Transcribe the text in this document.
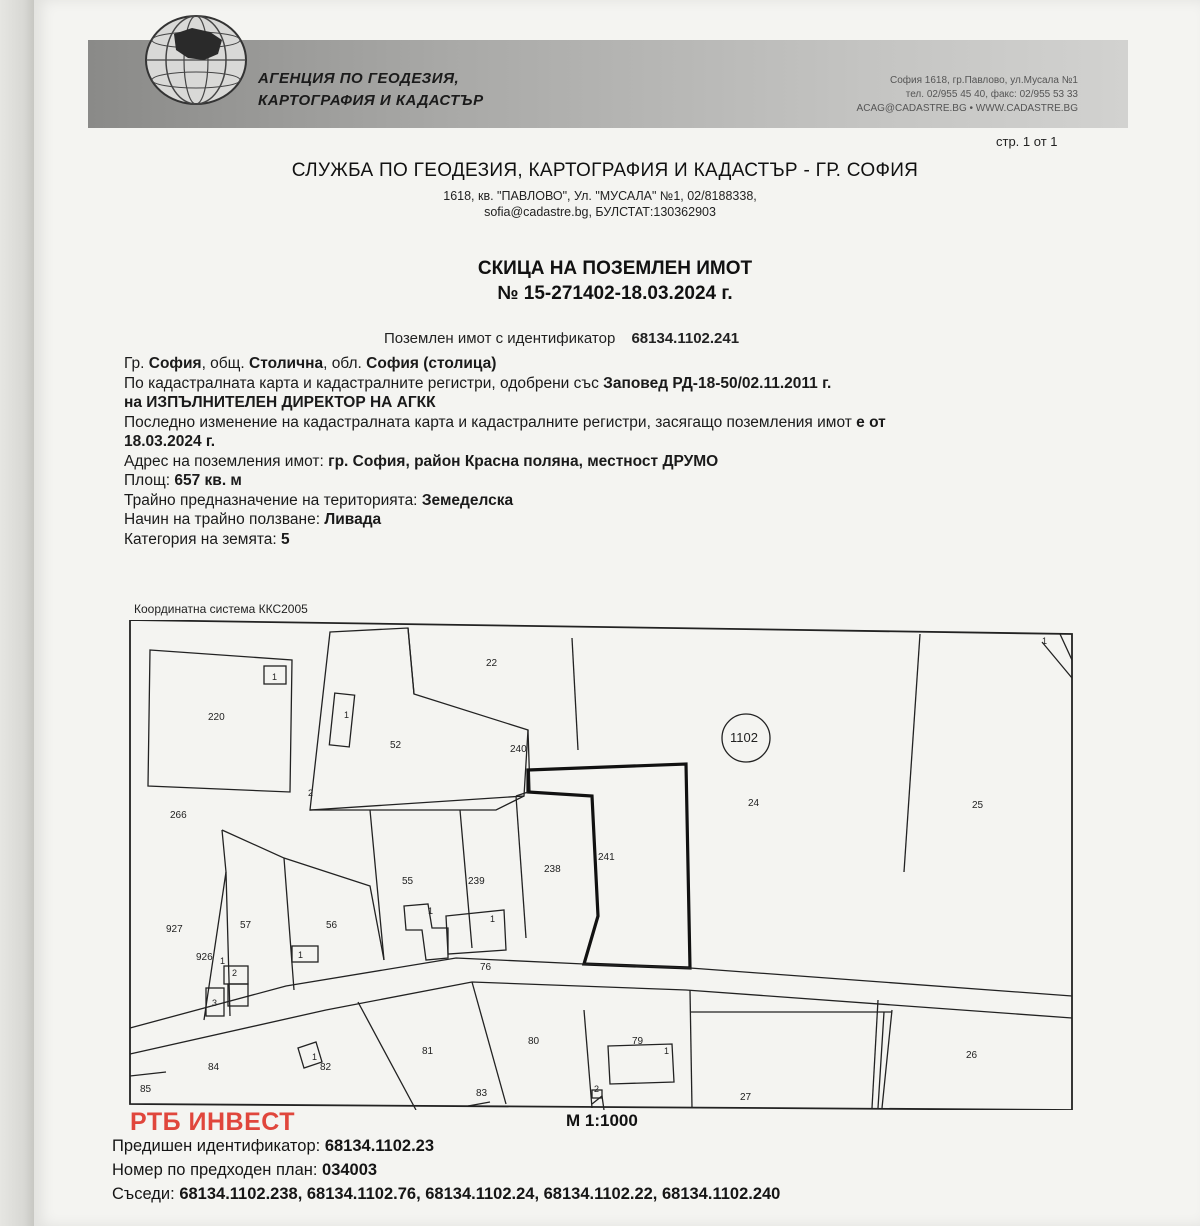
АГЕНЦИЯ ПО ГЕОДЕЗИЯ,
КАРТОГРАФИЯ И КАДАСТЪР
София 1618, гр.Павлово, ул.Мусала №1
тел. 02/955 45 40, факс: 02/955 53 33
ACAG@CADASTRE.BG • WWW.CADASTRE.BG
стр. 1 от 1
СЛУЖБА ПО ГЕОДЕЗИЯ, КАРТОГРАФИЯ И КАДАСТЪР - ГР. СОФИЯ
1618, кв. "ПАВЛОВО", Ул. "МУСАЛА" №1, 02/8188338,
sofia@cadastre.bg, БУЛСТАТ:130362903
СКИЦА НА ПОЗЕМЛЕН ИМОТ
№ 15-271402-18.03.2024 г.
Поземлен имот с идентификатор 68134.1102.241
Гр. София, общ. Столична, обл. София (столица)
По кадастралната карта и кадастралните регистри, одобрени със Заповед РД-18-50/02.11.2011 г.
на ИЗПЪЛНИТЕЛЕН ДИРЕКТОР НА АГКК
Последно изменение на кадастралната карта и кадастралните регистри, засягащо поземления имот е от
18.03.2024 г.
Адрес на поземления имот: гр. София, район Красна поляна, местност ДРУМО
Площ: 657 кв. м
Трайно предназначение на територията: Земеделска
Начин на трайно ползване: Ливада
Категория на земята: 5
Координатна система ККС2005
1102
220
266
52
22
240
24	25
238
241
55	239
56
57
927
926
76
84	82
81
80	79
83	27
26
85
1
1
2
1
1
1
1
2
3
1
1
2
1
М 1:1000
РТБ ИНВЕСТ
Предишен идентификатор: 68134.1102.23
Номер по предходен план: 034003
Съседи: 68134.1102.238, 68134.1102.76, 68134.1102.24, 68134.1102.22, 68134.1102.240
